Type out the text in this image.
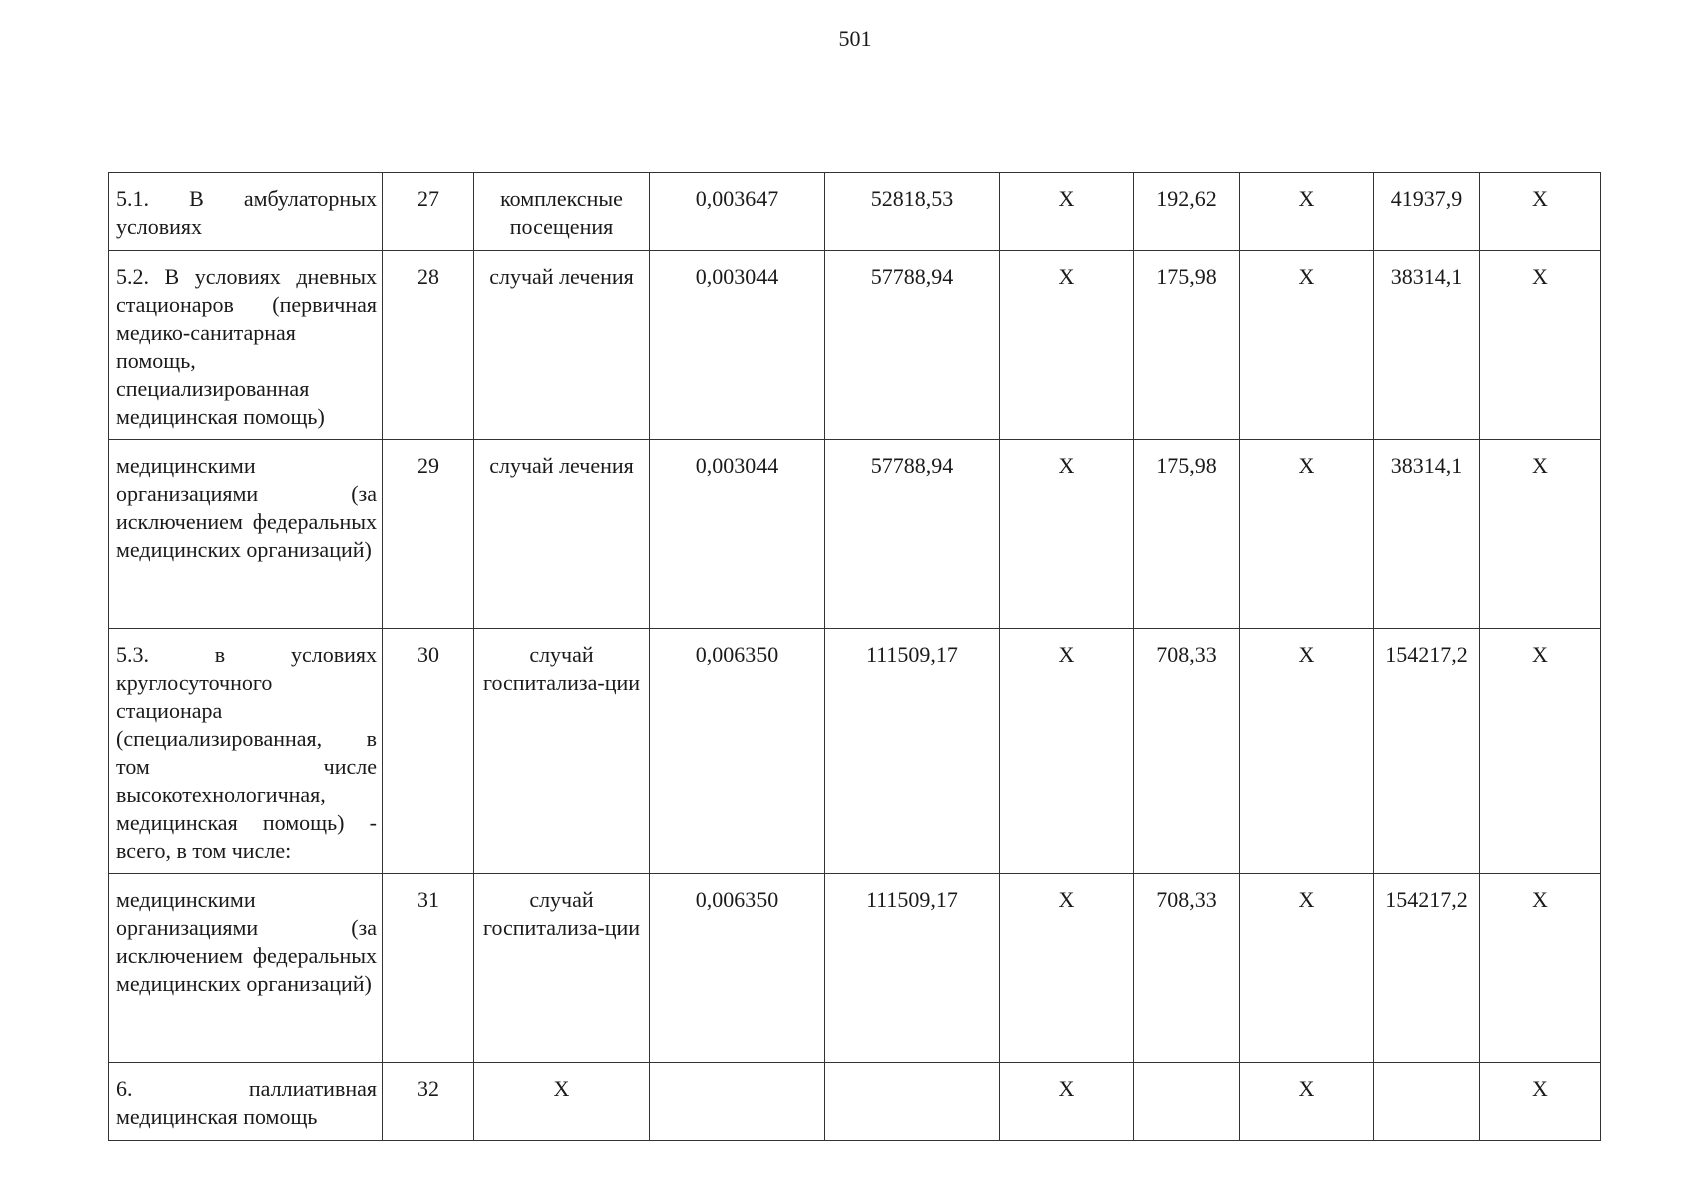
501
5.1. В амбулаторных условиях	27	комплексные посещения	0,003647	52818,53	X	192,62	X	41937,9	X

5.2. В условиях дневных стационаров (первичная медико-санитарная помощь, специализированная медицинская помощь)	28	случай лечения	0,003044	57788,94	X	175,98	X	38314,1	X

медицинскими организациями (за исключением федеральных медицинских организаций)	29	случай лечения	0,003044	57788,94	X	175,98	X	38314,1	X

5.3. в условиях круглосуточного стационара (специализированная, в том числе высокотехнологичная, медицинская помощь) - всего, в том числе:	30	случай госпитализа-ции	0,006350	111509,17	X	708,33	X	154217,2	X

медицинскими организациями (за исключением федеральных медицинских организаций)	31	случай госпитализа-ции	0,006350	111509,17	X	708,33	X	154217,2	X

6. паллиативная медицинская помощь	32	X			X		X		X
